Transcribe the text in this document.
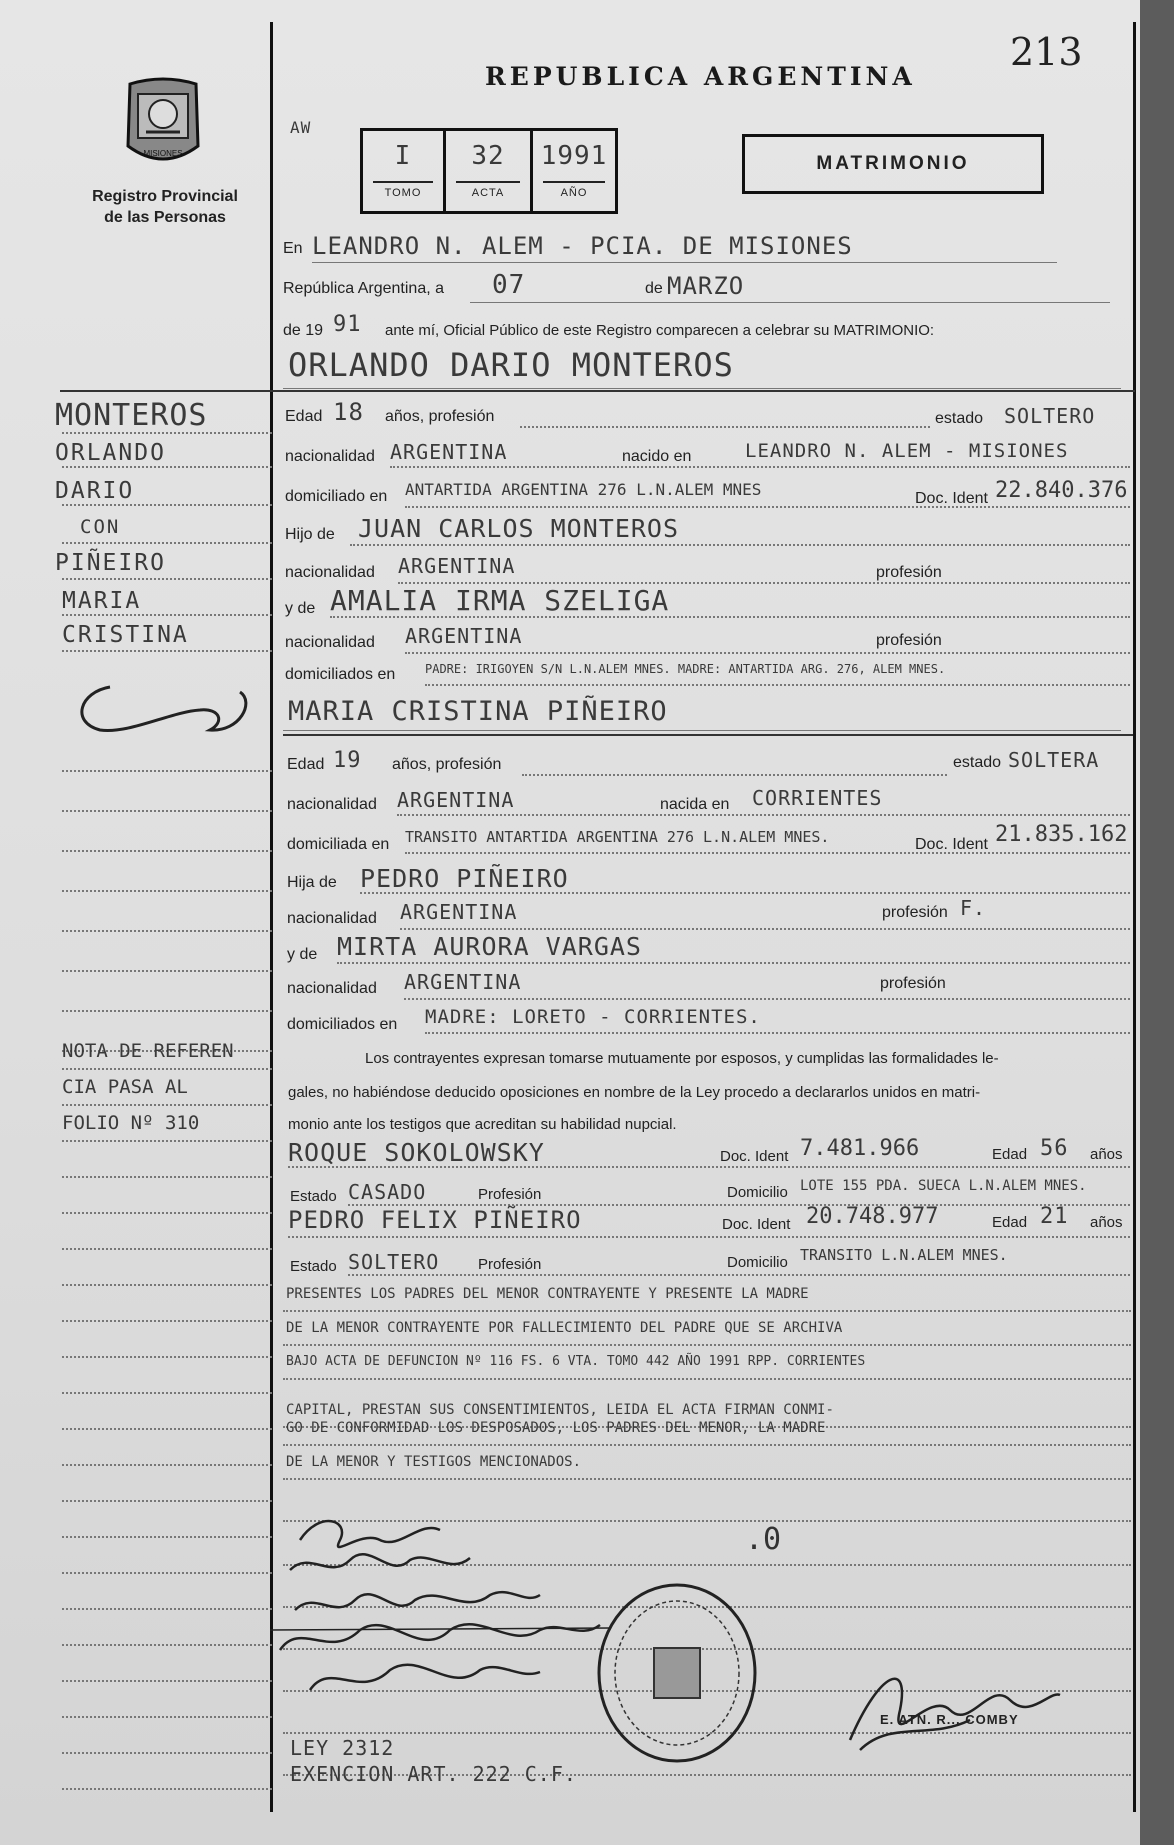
213
REPUBLICA ARGENTINA
MISIONES
Registro Provincial
de las Personas
AW
I
TOMO
32
ACTA
1991
AÑO
MATRIMONIO
En LEANDRO N. ALEM - PCIA. DE MISIONES
República Argentina, a 07	de MARZO
de 19 91 ante mí, Oficial Público de este Registro comparecen a celebrar su MATRIMONIO:
ORLANDO DARIO MONTEROS
Edad 18 años, profesión	estado SOLTERO
nacionalidad ARGENTINA	nacido en	LEANDRO N. ALEM - MISIONES
domiciliado en ANTARTIDA ARGENTINA 276 L.N.ALEM MNES	Doc. Ident 22.840.376
Hijo de JUAN CARLOS MONTEROS
nacionalidad ARGENTINA	profesión
y de AMALIA IRMA SZELIGA
nacionalidad ARGENTINA	profesión
domiciliados en PADRE: IRIGOYEN S/N L.N.ALEM MNES. MADRE: ANTARTIDA ARG. 276, ALEM MNES.
MARIA CRISTINA PIÑEIRO
Edad 19 años, profesión	estado SOLTERA
nacionalidad ARGENTINA	nacida en CORRIENTES
domiciliada en TRANSITO ANTARTIDA ARGENTINA 276 L.N.ALEM MNES.	Doc. Ident 21.835.162
Hija de PEDRO PIÑEIRO
nacionalidad ARGENTINA	profesión F.
y de MIRTA AURORA VARGAS
nacionalidad ARGENTINA	profesión
domiciliados en MADRE: LORETO - CORRIENTES.
Los contrayentes expresan tomarse mutuamente por esposos, y cumplidas las formalidades le-
gales, no habiéndose deducido oposiciones en nombre de la Ley procedo a declararlos unidos en matri-
monio ante los testigos que acreditan su habilidad nupcial.
ROQUE SOKOLOWSKY	Doc. Ident 7.481.966	Edad 56 años
Estado CASADO	Profesión	Domicilio LOTE 155 PDA. SUECA L.N.ALEM MNES.
PEDRO FELIX PIÑEIRO	Doc. Ident 20.748.977	Edad 21 años
Estado SOLTERO	Profesión	Domicilio TRANSITO L.N.ALEM MNES.
PRESENTES LOS PADRES DEL MENOR CONTRAYENTE Y PRESENTE LA MADRE
DE LA MENOR CONTRAYENTE POR FALLECIMIENTO DEL PADRE QUE SE ARCHIVA
BAJO ACTA DE DEFUNCION Nº 116 FS. 6 VTA. TOMO 442 AÑO 1991 RPP. CORRIENTES
CAPITAL, PRESTAN SUS CONSENTIMIENTOS, LEIDA EL ACTA FIRMAN CONMI-
GO DE CONFORMIDAD LOS DESPOSADOS, LOS PADRES DEL MENOR, LA MADRE
DE LA MENOR Y TESTIGOS MENCIONADOS.
.0
E. ATN. R... COMBY
LEY 2312
EXENCION ART. 222 C.F.
MONTEROS
ORLANDO
DARIO
CON
PIÑEIRO
MARIA
CRISTINA
NOTA DE REFEREN
CIA PASA AL
FOLIO Nº 310
